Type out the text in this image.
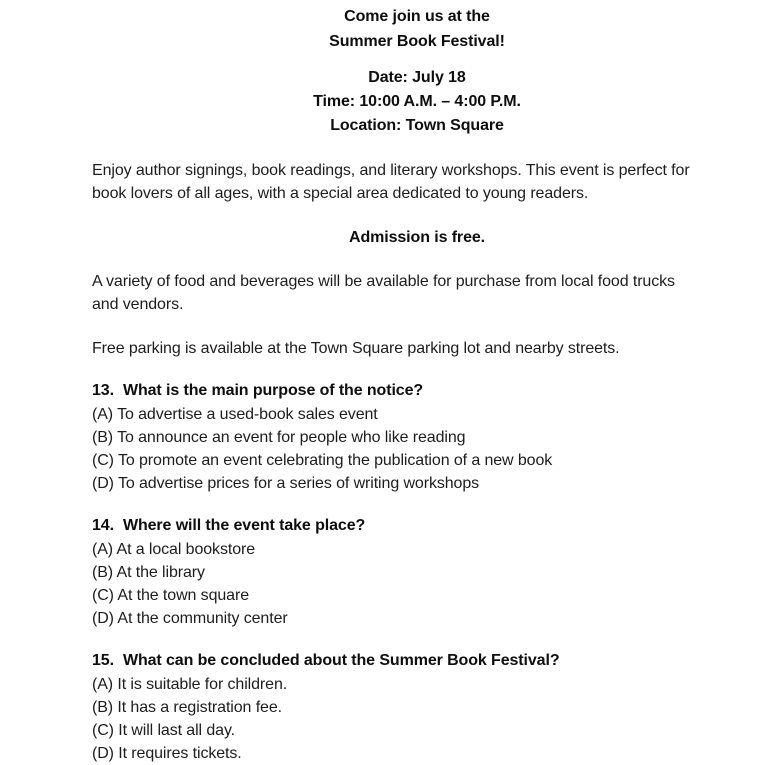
Come join us at the
Summer Book Festival!
Date: July 18
Time: 10:00 A.M. – 4:00 P.M.
Location: Town Square
Enjoy author signings, book readings, and literary workshops. This event is perfect for
book lovers of all ages, with a special area dedicated to young readers.
Admission is free.
A variety of food and beverages will be available for purchase from local food trucks
and vendors.
Free parking is available at the Town Square parking lot and nearby streets.
13. What is the main purpose of the notice?
(A) To advertise a used-book sales event
(B) To announce an event for people who like reading
(C) To promote an event celebrating the publication of a new book
(D) To advertise prices for a series of writing workshops
14. Where will the event take place?
(A) At a local bookstore
(B) At the library
(C) At the town square
(D) At the community center
15. What can be concluded about the Summer Book Festival?
(A) It is suitable for children.
(B) It has a registration fee.
(C) It will last all day.
(D) It requires tickets.
